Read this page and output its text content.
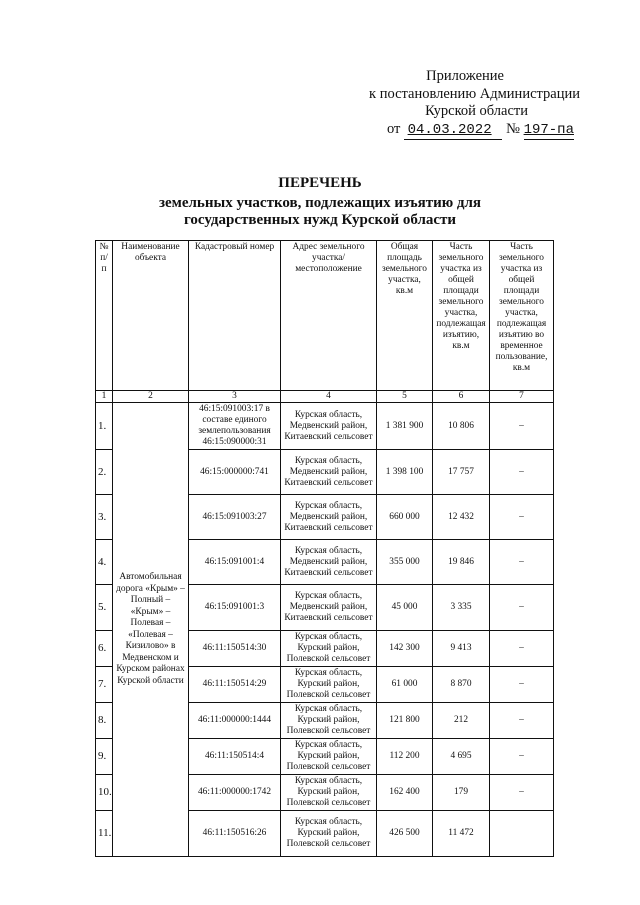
Приложение
к постановлению Администрации
Курской области
от 04.03.2022 № 197-па
ПЕРЕЧЕНЬ
земельных участков, подлежащих изъятию для
государственных нужд Курской области
№ п/п	Наименование объекта	Кадастровый номер	Адрес земельного участка/ местоположение	Общая площадь земельного участка, кв.м	Часть земельного участка из общей площади земельного участка, подлежащая изъятию, кв.м	Часть земельного участка из общей площади земельного участка, подлежащая изъятию во временное пользование, кв.м
1	2	3	4	5	6	7
1.	Автомобильная дорога «Крым» – Полный – «Крым» – Полевая – «Полевая – Кизилово» в Медвенском и Курском районах Курской области	46:15:091003:17 в составе единого землепользования 46:15:090000:31	Курская область, Медвенский район, Китаевский сельсовет	1 381 900	10 806	–
2.		46:15:000000:741	Курская область, Медвенский район, Китаевский сельсовет	1 398 100	17 757	–
3.		46:15:091003:27	Курская область, Медвенский район, Китаевский сельсовет	660 000	12 432	–
4.		46:15:091001:4	Курская область, Медвенский район, Китаевский сельсовет	355 000	19 846	–
5.		46:15:091001:3	Курская область, Медвенский район, Китаевский сельсовет	45 000	3 335	–
6.		46:11:150514:30	Курская область, Курский район, Полевской сельсовет	142 300	9 413	–
7.		46:11:150514:29	Курская область, Курский район, Полевской сельсовет	61 000	8 870	–
8.		46:11:000000:1444	Курская область, Курский район, Полевской сельсовет	121 800	212	–
9.		46:11:150514:4	Курская область, Курский район, Полевской сельсовет	112 200	4 695	–
10.		46:11:000000:1742	Курская область, Курский район, Полевской сельсовет	162 400	179	–
11.		46:11:150516:26	Курская область, Курский район, Полевской сельсовет	426 500	11 472	
